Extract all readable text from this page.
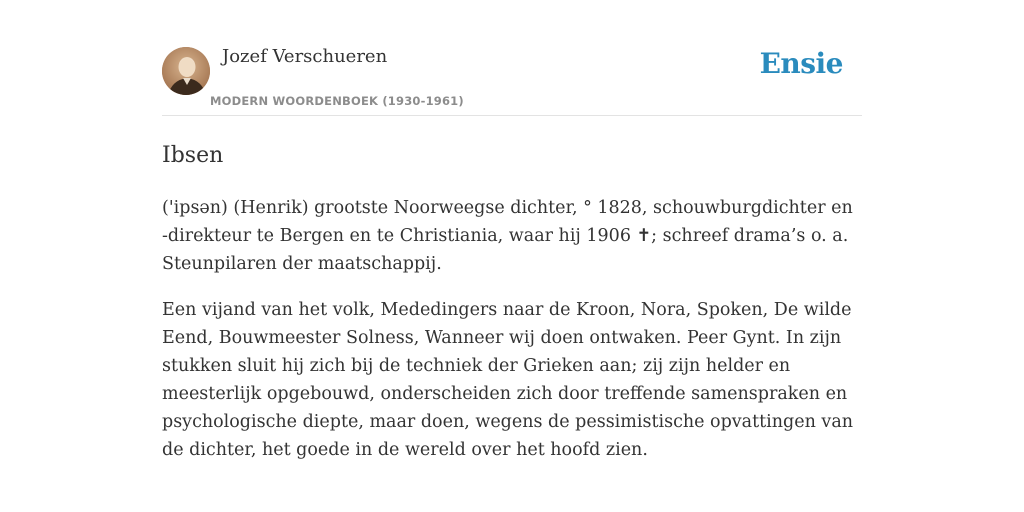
Jozef Verschueren
MODERN WOORDENBOEK (1930-1961)
Ensie
Ibsen

('ipsən) (Henrik) grootste Noorweegse dichter, ° 1828, schouwburgdichter en -direkteur te Bergen en te Christiania, waar hij 1906 ✝; schreef drama’s o. a. Steunpilaren der maatschappij.

Een vijand van het volk, Mededingers naar de Kroon, Nora, Spoken, De wilde Eend, Bouwmeester Solness, Wanneer wij doen ontwaken. Peer Gynt. In zijn stukken sluit hij zich bij de techniek der Grieken aan; zij zijn helder en meesterlijk opgebouwd, onderscheiden zich door treffende samenspraken en psychologische diepte, maar doen, wegens de pessimistische opvattingen van de dichter, het goede in de wereld over het hoofd zien.
